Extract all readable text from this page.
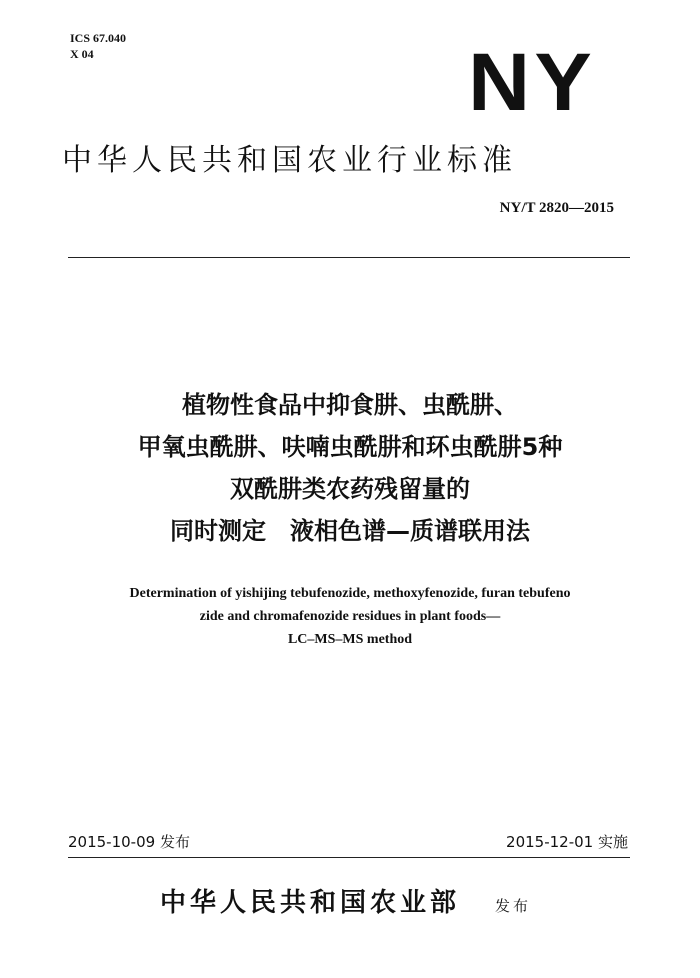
ICS 67.040
X 04	NY
中华人民共和国农业行业标准
NY/T 2820—2015
植物性食品中抑食肼、虫酰肼、
甲氧虫酰肼、呋喃虫酰肼和环虫酰肼5种
双酰肼类农药残留量的
同时测定　液相色谱—质谱联用法
Determination of yishijing tebufenozide, methoxyfenozide, furan tebufeno
zide and chromafenozide residues in plant foods—
LC–MS–MS method
2015-10-09 发布	2015-12-01 实施
中华人民共和国农业部 发布
